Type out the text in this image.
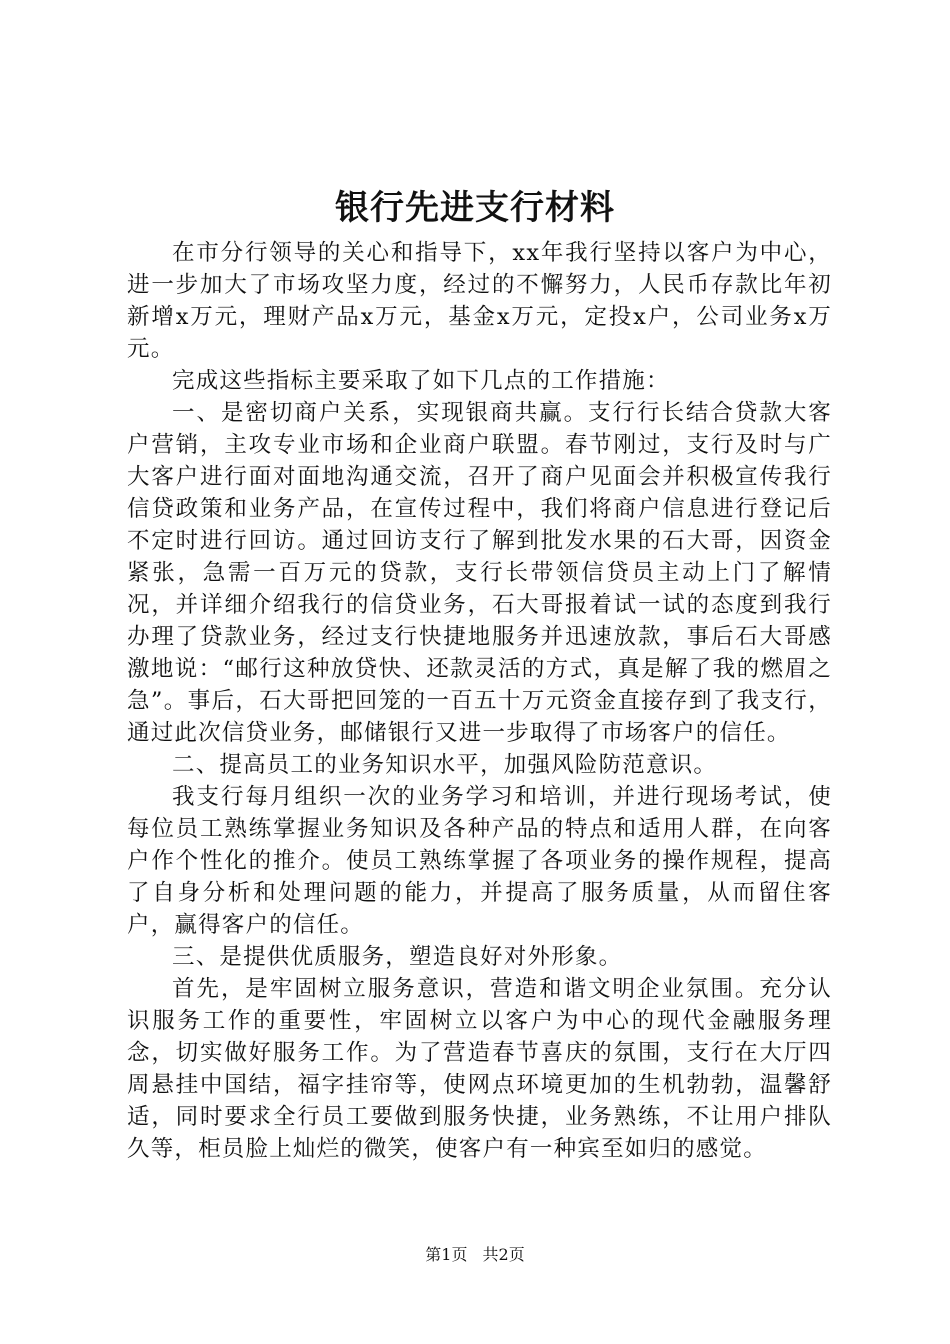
银行先进支行材料

在市分行领导的关心和指导下，xx年我行坚持以客户为中心，进一步加大了市场攻坚力度，经过的不懈努力，人民币存款比年初新增x万元，理财产品x万元，基金x万元，定投x户，公司业务x万元。

完成这些指标主要采取了如下几点的工作措施：

一、是密切商户关系，实现银商共赢。支行行长结合贷款大客户营销，主攻专业市场和企业商户联盟。春节刚过，支行及时与广大客户进行面对面地沟通交流，召开了商户见面会并积极宣传我行信贷政策和业务产品，在宣传过程中，我们将商户信息进行登记后不定时进行回访。通过回访支行了解到批发水果的石大哥，因资金紧张，急需一百万元的贷款，支行长带领信贷员主动上门了解情况，并详细介绍我行的信贷业务，石大哥报着试一试的态度到我行办理了贷款业务，经过支行快捷地服务并迅速放款，事后石大哥感激地说：“邮行这种放贷快、还款灵活的方式，真是解了我的燃眉之急”。事后，石大哥把回笼的一百五十万元资金直接存到了我支行，通过此次信贷业务，邮储银行又进一步取得了市场客户的信任。

二、提高员工的业务知识水平，加强风险防范意识。

我支行每月组织一次的业务学习和培训，并进行现场考试，使每位员工熟练掌握业务知识及各种产品的特点和适用人群，在向客户作个性化的推介。使员工熟练掌握了各项业务的操作规程，提高了自身分析和处理问题的能力，并提高了服务质量，从而留住客户，赢得客户的信任。

三、是提供优质服务，塑造良好对外形象。

首先，是牢固树立服务意识，营造和谐文明企业氛围。充分认识服务工作的重要性，牢固树立以客户为中心的现代金融服务理念，切实做好服务工作。为了营造春节喜庆的氛围，支行在大厅四周悬挂中国结，福字挂帘等，使网点环境更加的生机勃勃，温馨舒适，同时要求全行员工要做到服务快捷，业务熟练，不让用户排队久等，柜员脸上灿烂的微笑，使客户有一种宾至如归的感觉。

第1页 共2页
